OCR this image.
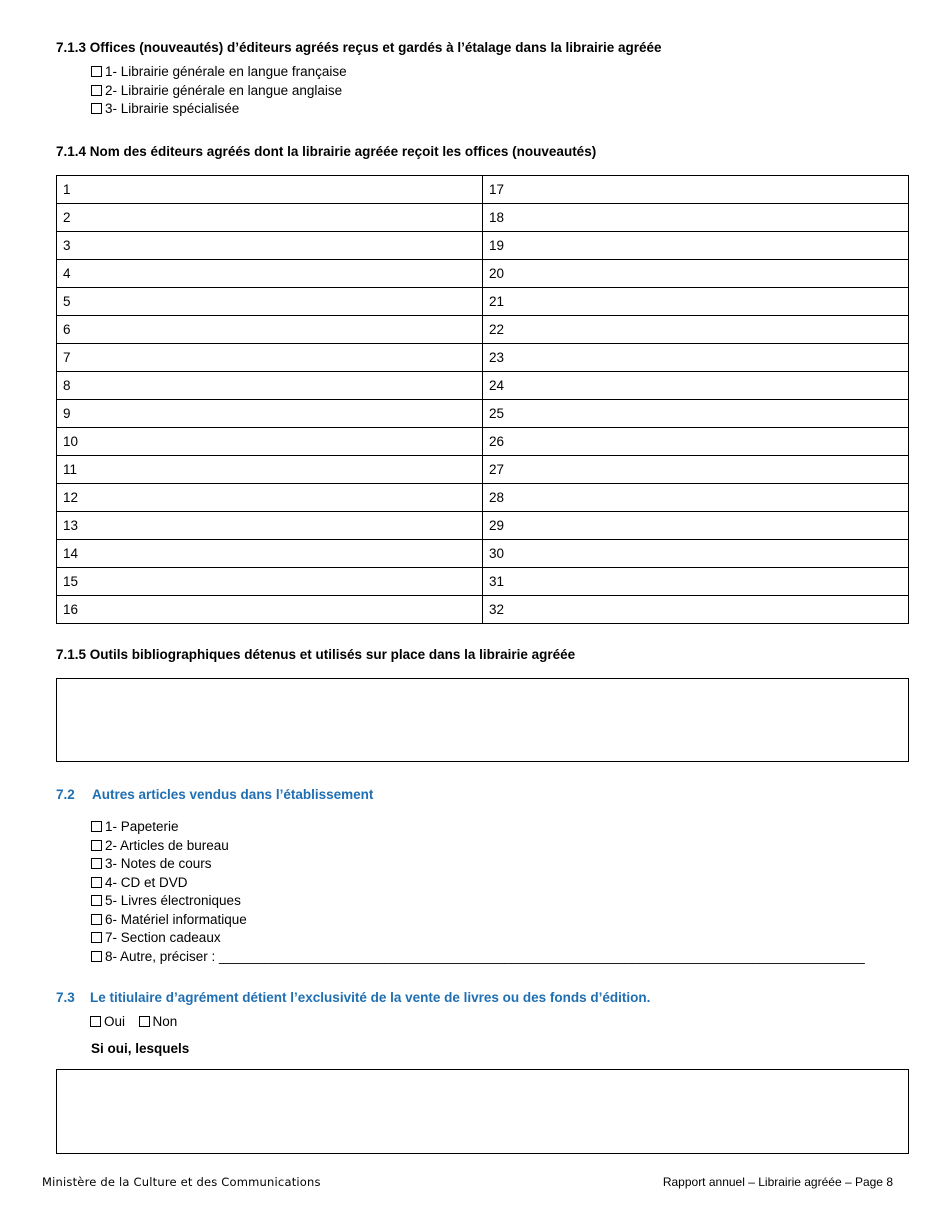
7.1.3 Offices (nouveautés) d’éditeurs agréés reçus et gardés à l’étalage dans la librairie agréée
1- Librairie générale en langue française
2- Librairie générale en langue anglaise
3- Librairie spécialisée
7.1.4 Nom des éditeurs agréés dont la librairie agréée reçoit les offices (nouveautés)
1	17
2	18
3	19
4	20
5	21
6	22
7	23
8	24
9	25
10	26
11	27
12	28
13	29
14	30
15	31
16	32
7.1.5 Outils bibliographiques détenus et utilisés sur place dans la librairie agréée
7.2 Autres articles vendus dans l’établissement
1- Papeterie
2- Articles de bureau
3- Notes de cours
4- CD et DVD
5- Livres électroniques
6- Matériel informatique
7- Section cadeaux
8- Autre, préciser : ______________________________________________________________________________________
7.3 Le titiulaire d’agrément détient l’exclusivité de la vente de livres ou des fonds d’édition.
Oui Non
Si oui, lesquels
Ministère de la Culture et des Communications	Rapport annuel – Librairie agréée – Page 8
